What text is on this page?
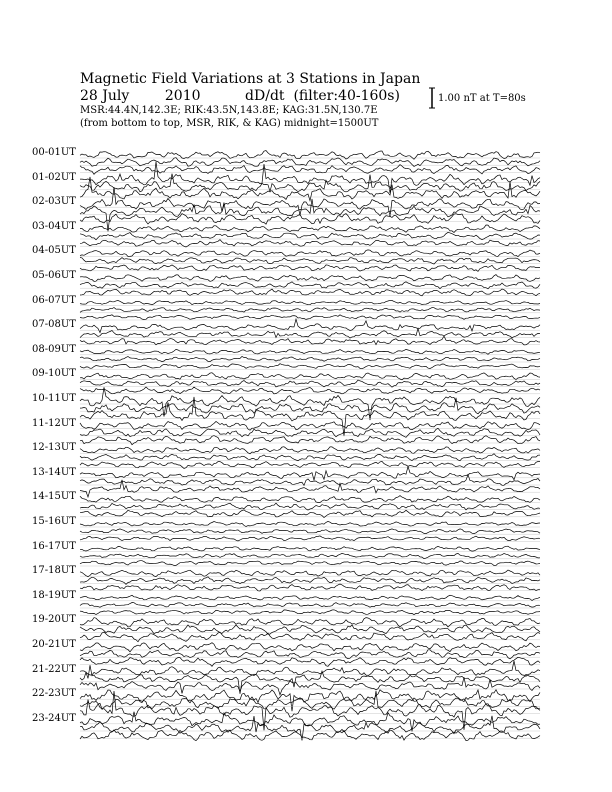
Magnetic Field Variations at 3 Stations in Japan
28 July	2010	dD/dt  (filter:40-160s)
MSR:44.4N,142.3E; RIK:43.5N,143.8E; KAG:31.5N,130.7E
(from bottom to top, MSR, RIK, & KAG) midnight=1500UT
1.00 nT at T=80s
00-01UT
01-02UT
02-03UT
03-04UT
04-05UT
05-06UT
06-07UT
07-08UT
08-09UT
09-10UT
10-11UT
11-12UT
12-13UT
13-14UT
14-15UT
15-16UT
16-17UT
17-18UT
18-19UT
19-20UT
20-21UT
21-22UT
22-23UT
23-24UT
